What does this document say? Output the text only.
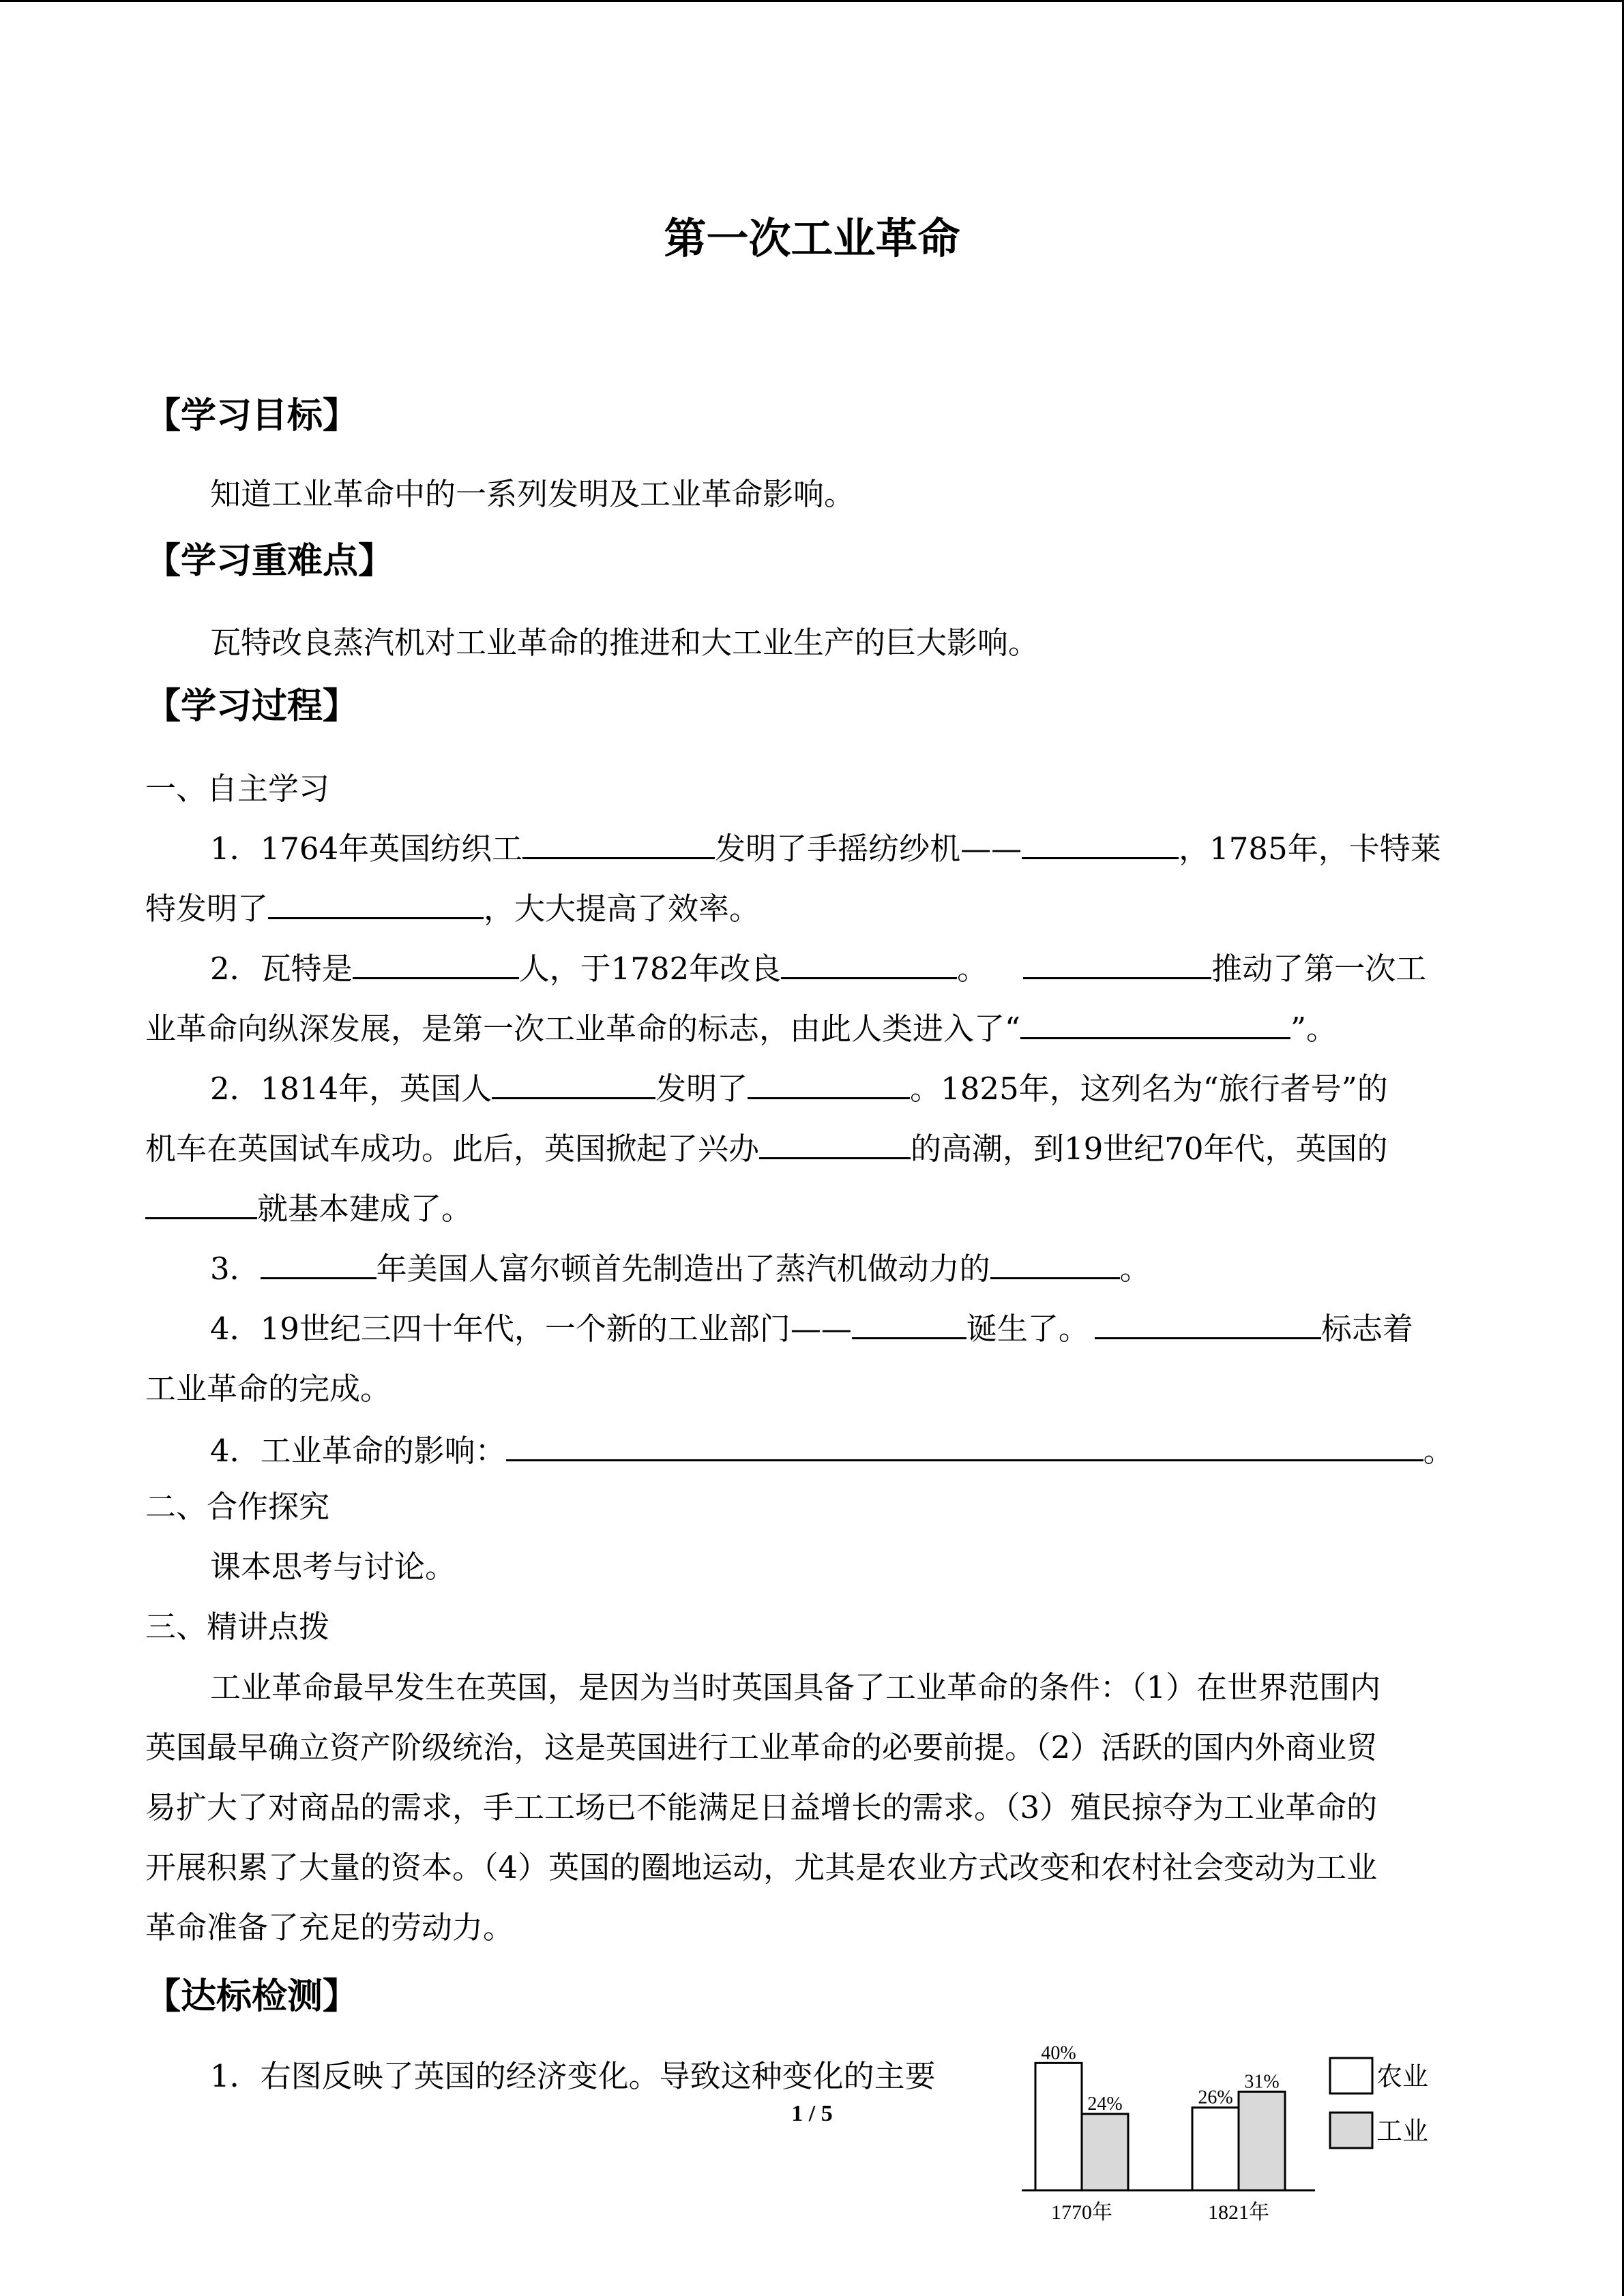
第一次工业革命
【学习目标】
知道工业革命中的一系列发明及工业革命影响。
【学习重难点】
瓦特改良蒸汽机对工业革命的推进和大工业生产的巨大影响。
【学习过程】
一、自主学习
1．1764年英国纺织工	发明了手摇纺纱机——	，1785年，卡特莱
特发明了	，大大提高了效率。
2．瓦特是	人，于1782年改良	。	推动了第一次工
业革命向纵深发展，是第一次工业革命的标志，由此人类进入了“	”。
2．1814年，英国人	发明了	。1825年，这列名为“旅行者号”的
机车在英国试车成功。此后，英国掀起了兴办	的高潮，到19世纪70年代，英国的
就基本建成了。
3．	年美国人富尔顿首先制造出了蒸汽机做动力的	。
4．19世纪三四十年代，一个新的工业部门——	诞生了。	标志着
工业革命的完成。
4．工业革命的影响：	。
二、合作探究
课本思考与讨论。
三、精讲点拨
工业革命最早发生在英国，是因为当时英国具备了工业革命的条件：（1）在世界范围内
英国最早确立资产阶级统治，这是英国进行工业革命的必要前提。（2）活跃的国内外商业贸
易扩大了对商品的需求，手工工场已不能满足日益增长的需求。（3）殖民掠夺为工业革命的
开展积累了大量的资本。（4）英国的圈地运动，尤其是农业方式改变和农村社会变动为工业
革命准备了充足的劳动力。
【达标检测】
1．右图反映了英国的经济变化。导致这种变化的主要
1 / 5
40%
24%	26%
31%
1770年	1821年
农业
工业
